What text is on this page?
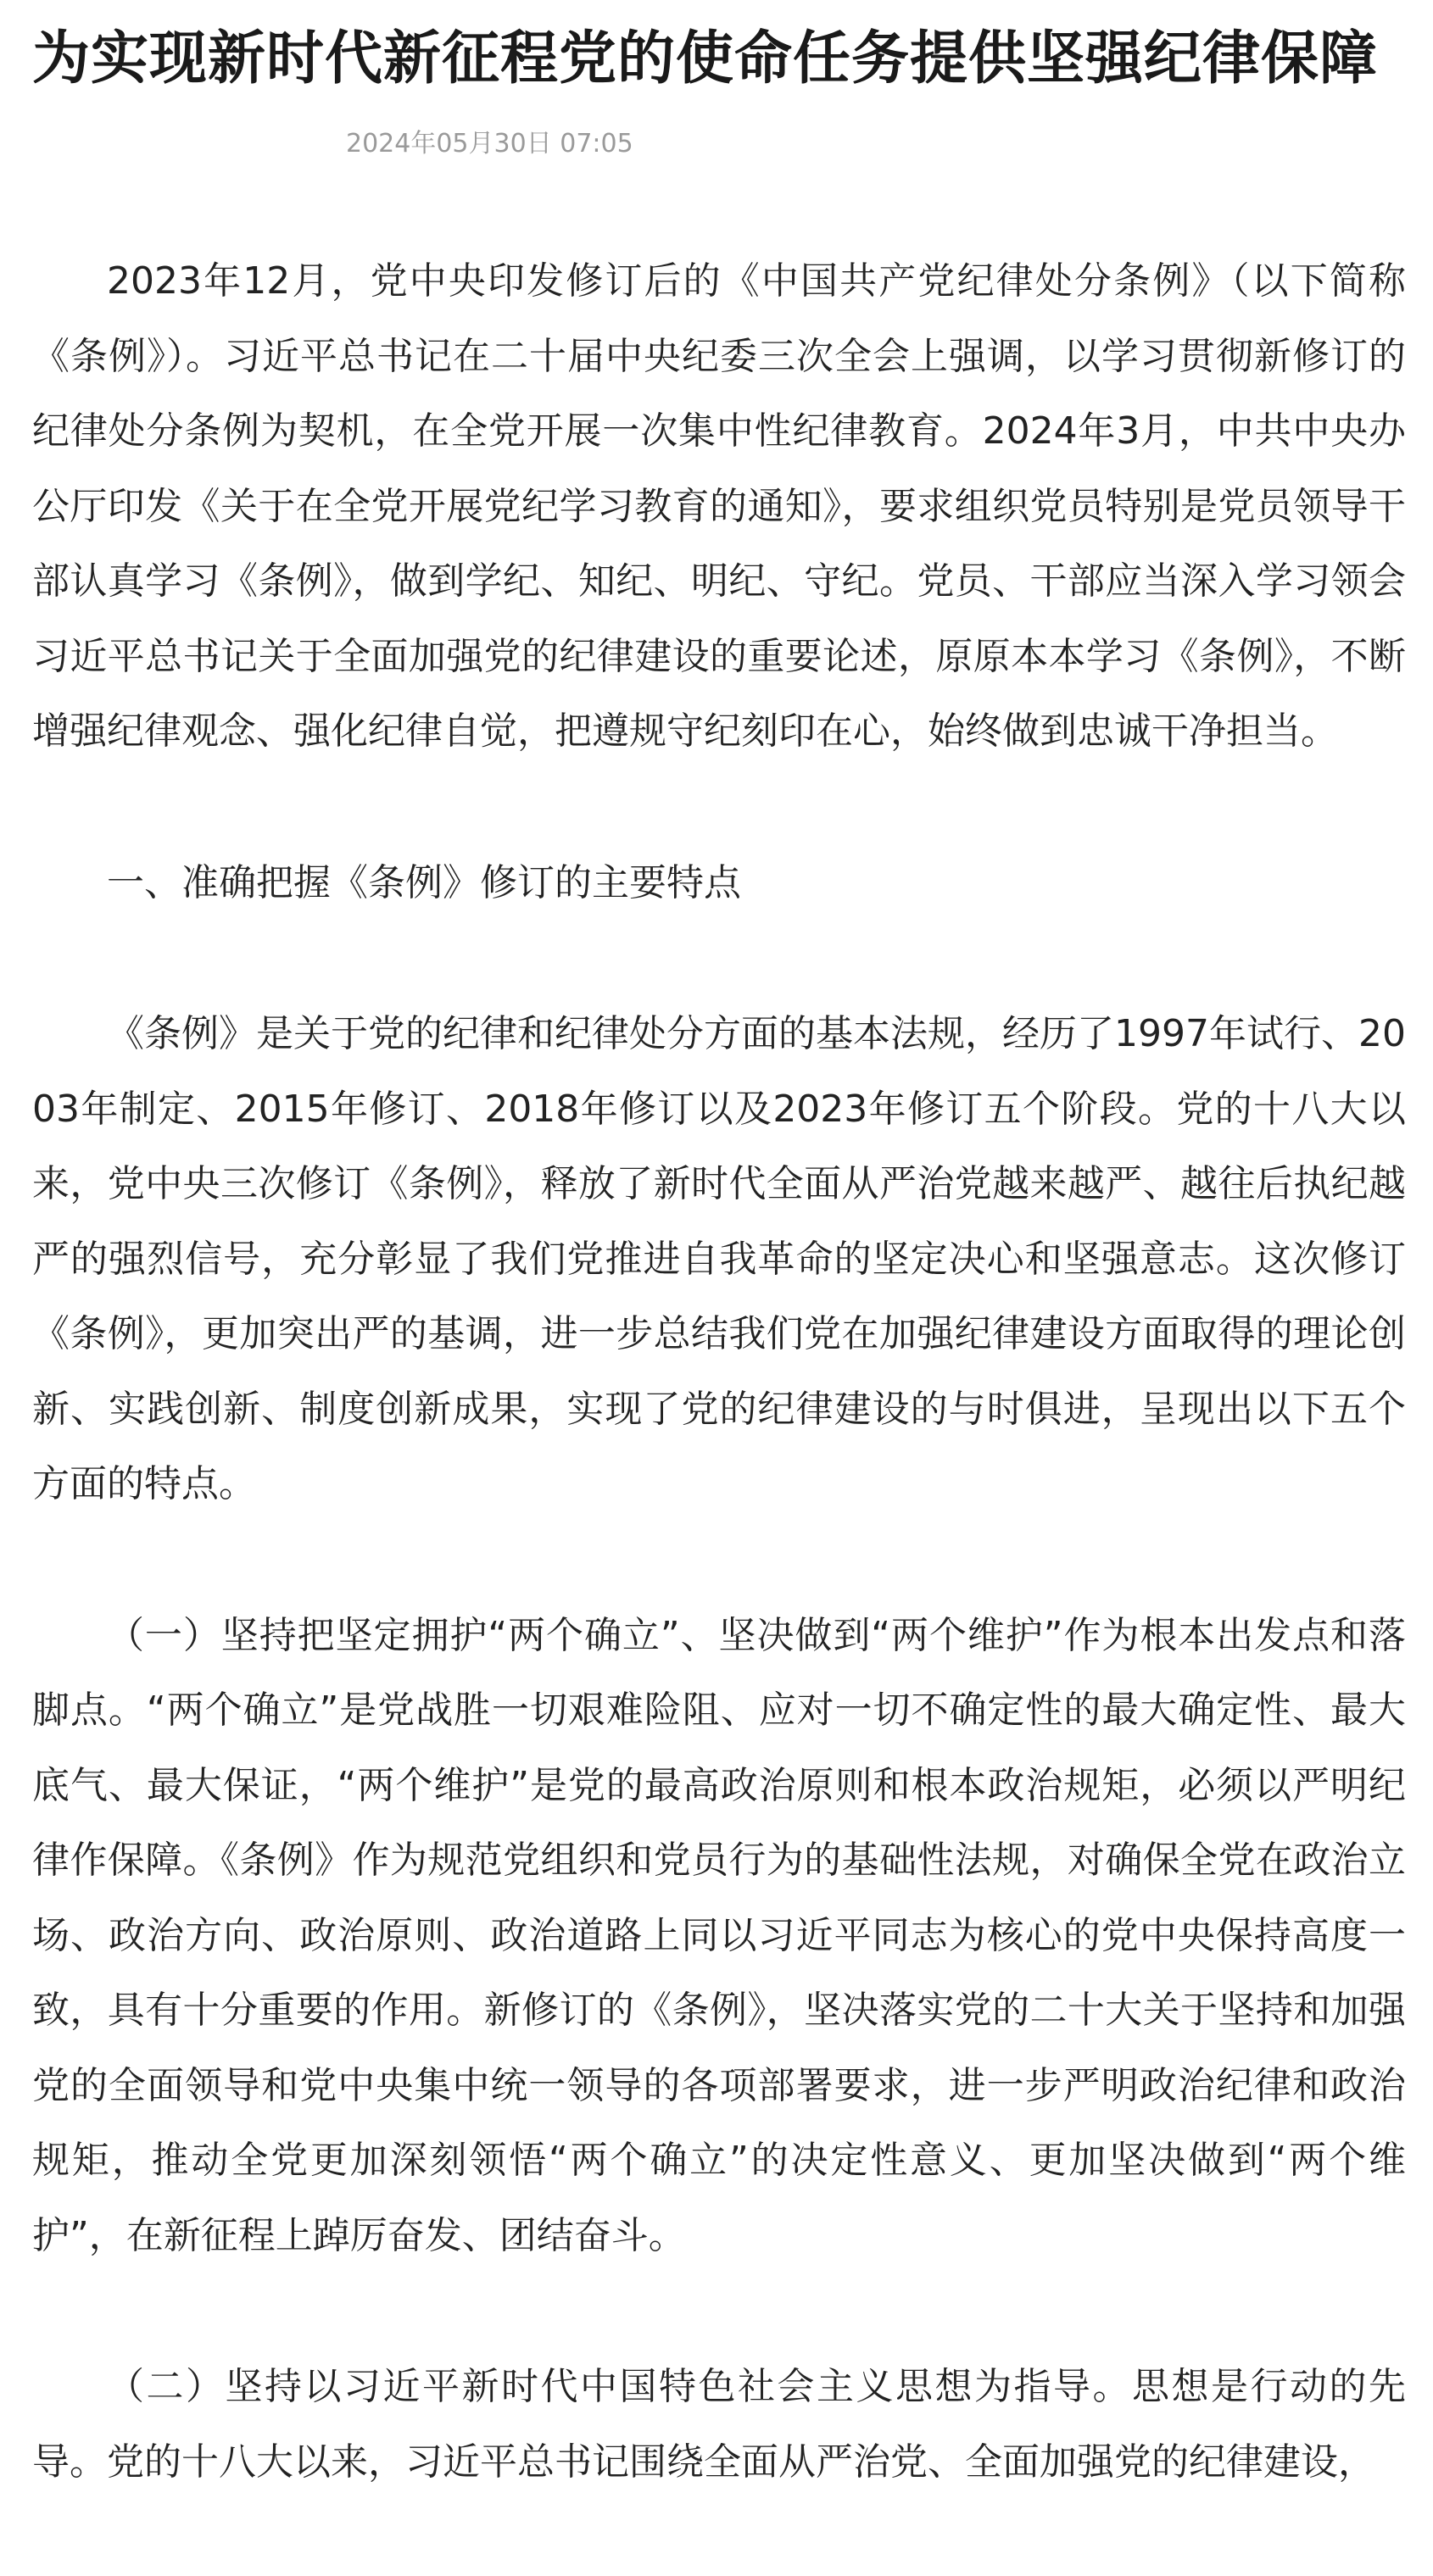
为实现新时代新征程党的使命任务提供坚强纪律保障
2024年05月30日 07:05

2023年12月，党中央印发修订后的《中国共产党纪律处分条例》（以下简称《条例》）。习近平总书记在二十届中央纪委三次全会上强调，以学习贯彻新修订的纪律处分条例为契机，在全党开展一次集中性纪律教育。2024年3月，中共中央办公厅印发《关于在全党开展党纪学习教育的通知》，要求组织党员特别是党员领导干部认真学习《条例》，做到学纪、知纪、明纪、守纪。党员、干部应当深入学习领会习近平总书记关于全面加强党的纪律建设的重要论述，原原本本学习《条例》，不断增强纪律观念、强化纪律自觉，把遵规守纪刻印在心，始终做到忠诚干净担当。

一、准确把握《条例》修订的主要特点

《条例》是关于党的纪律和纪律处分方面的基本法规，经历了1997年试行、2003年制定、2015年修订、2018年修订以及2023年修订五个阶段。党的十八大以来，党中央三次修订《条例》，释放了新时代全面从严治党越来越严、越往后执纪越严的强烈信号，充分彰显了我们党推进自我革命的坚定决心和坚强意志。这次修订《条例》，更加突出严的基调，进一步总结我们党在加强纪律建设方面取得的理论创新、实践创新、制度创新成果，实现了党的纪律建设的与时俱进，呈现出以下五个方面的特点。

（一）坚持把坚定拥护“两个确立”、坚决做到“两个维护”作为根本出发点和落脚点。“两个确立”是党战胜一切艰难险阻、应对一切不确定性的最大确定性、最大底气、最大保证，“两个维护”是党的最高政治原则和根本政治规矩，必须以严明纪律作保障。《条例》作为规范党组织和党员行为的基础性法规，对确保全党在政治立场、政治方向、政治原则、政治道路上同以习近平同志为核心的党中央保持高度一致，具有十分重要的作用。新修订的《条例》，坚决落实党的二十大关于坚持和加强党的全面领导和党中央集中统一领导的各项部署要求，进一步严明政治纪律和政治规矩，推动全党更加深刻领悟“两个确立”的决定性意义、更加坚决做到“两个维护”，在新征程上踔厉奋发、团结奋斗。

（二）坚持以习近平新时代中国特色社会主义思想为指导。思想是行动的先导。党的十八大以来，习近平总书记围绕全面从严治党、全面加强党的纪律建设，
